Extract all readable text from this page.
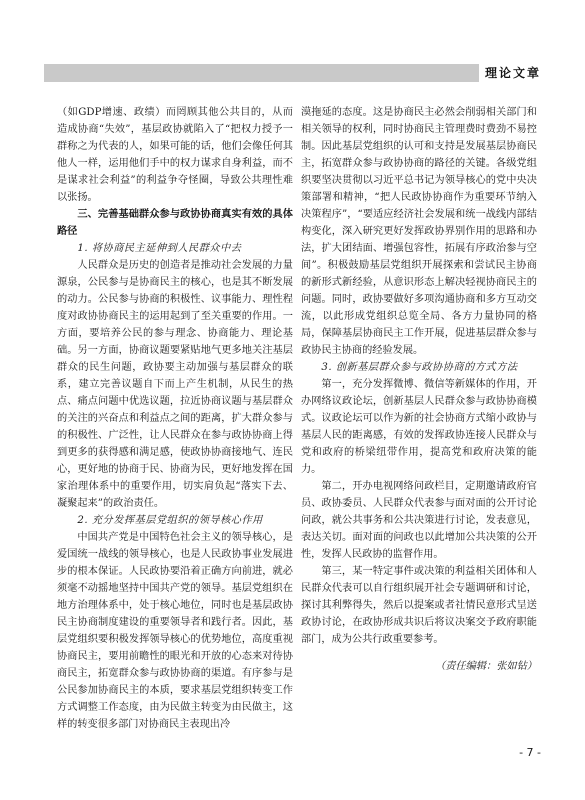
理论文章

（如GDP增速、政绩）而罔顾其他公共目的，从而造成协商“失效”，基层政协就陷入了“把权力授予一群称之为代表的人，如果可能的话，他们会像任何其他人一样，运用他们手中的权力谋求自身利益，而不是谋求社会利益”的利益争夺怪圈，导致公共理性难以张扬。

三、完善基础群众参与政协协商真实有效的具体路径

1. 将协商民主延伸到人民群众中去

人民群众是历史的创造者是推动社会发展的力量源泉，公民参与是协商民主的核心，也是其不断发展的动力。公民参与协商的积极性、议事能力、理性程度对政协协商民主的运用起到了至关重要的作用。一方面，要培养公民的参与理念、协商能力、理论基础。另一方面，协商议题要紧贴地气更多地关注基层群众的民生问题，政协要主动加强与基层群众的联系，建立完善议题自下而上产生机制，从民生的热点、痛点问题中优选议题，拉近协商议题与基层群众的关注的兴奋点和利益点之间的距离，扩大群众参与的积极性、广泛性，让人民群众在参与政协协商上得到更多的获得感和满足感，使政协协商接地气、连民心，更好地的协商于民、协商为民，更好地发挥在国家治理体系中的重要作用，切实肩负起“落实下去、凝聚起来”的政治责任。

2. 充分发挥基层党组织的领导核心作用

中国共产党是中国特色社会主义的领导核心，是爱国统一战线的领导核心，也是人民政协事业发展进步的根本保证。人民政协要沿着正确方向前进，就必须毫不动摇地坚持中国共产党的领导。基层党组织在地方治理体系中，处于核心地位，同时也是基层政协民主协商制度建设的重要领导者和践行者。因此，基层党组织要积极发挥领导核心的优势地位，高度重视协商民主，要用前瞻性的眼光和开放的心态来对待协商民主，拓宽群众参与政协协商的渠道。有序参与是公民参加协商民主的本质，要求基层党组织转变工作方式调整工作态度，由为民做主转变为由民做主，这样的转变很多部门对协商民主表现出冷

漠拖延的态度。这是协商民主必然会削弱相关部门和相关领导的权利，同时协商民主管理费时费劲不易控制。因此基层党组织的认可和支持是发展基层协商民主，拓宽群众参与政协协商的路径的关键。各级党组织要坚决贯彻以习近平总书记为领导核心的党中央决策部署和精神，“把人民政协协商作为重要环节纳入决策程序”，“要适应经济社会发展和统一战线内部结构变化，深入研究更好发挥政协界别作用的思路和办法，扩大团结面、增强包容性，拓展有序政治参与空间”。积极鼓励基层党组织开展探索和尝试民主协商的新形式新经验，从意识形态上解决轻视协商民主的问题。同时，政协要做好多项沟通协商和多方互动交流，以此形成党组织总览全局、各方力量协同的格局，保障基层协商民主工作开展，促进基层群众参与政协民主协商的经验发展。

3. 创新基层群众参与政协协商的方式方法

第一，充分发挥微博、微信等新媒体的作用，开办网络议政论坛，创新基层人民群众参与政协协商模式。议政论坛可以作为新的社会协商方式缩小政协与基层人民的距离感，有效的发挥政协连接人民群众与党和政府的桥梁纽带作用，提高党和政府决策的能力。

第二，开办电视网络问政栏目，定期邀请政府官员、政协委员、人民群众代表参与面对面的公开讨论问政，就公共事务和公共决策进行讨论，发表意见，表达关切。面对面的问政也以此增加公共决策的公开性，发挥人民政协的监督作用。

第三，某一特定事件或决策的利益相关团体和人民群众代表可以自行组织展开社会专题调研和讨论，探讨其利弊得失，然后以提案或者社情民意形式呈送政协讨论，在政协形成共识后将议决案交予政府职能部门，成为公共行政重要参考。

（责任编辑：张如钻）

- 7 -
